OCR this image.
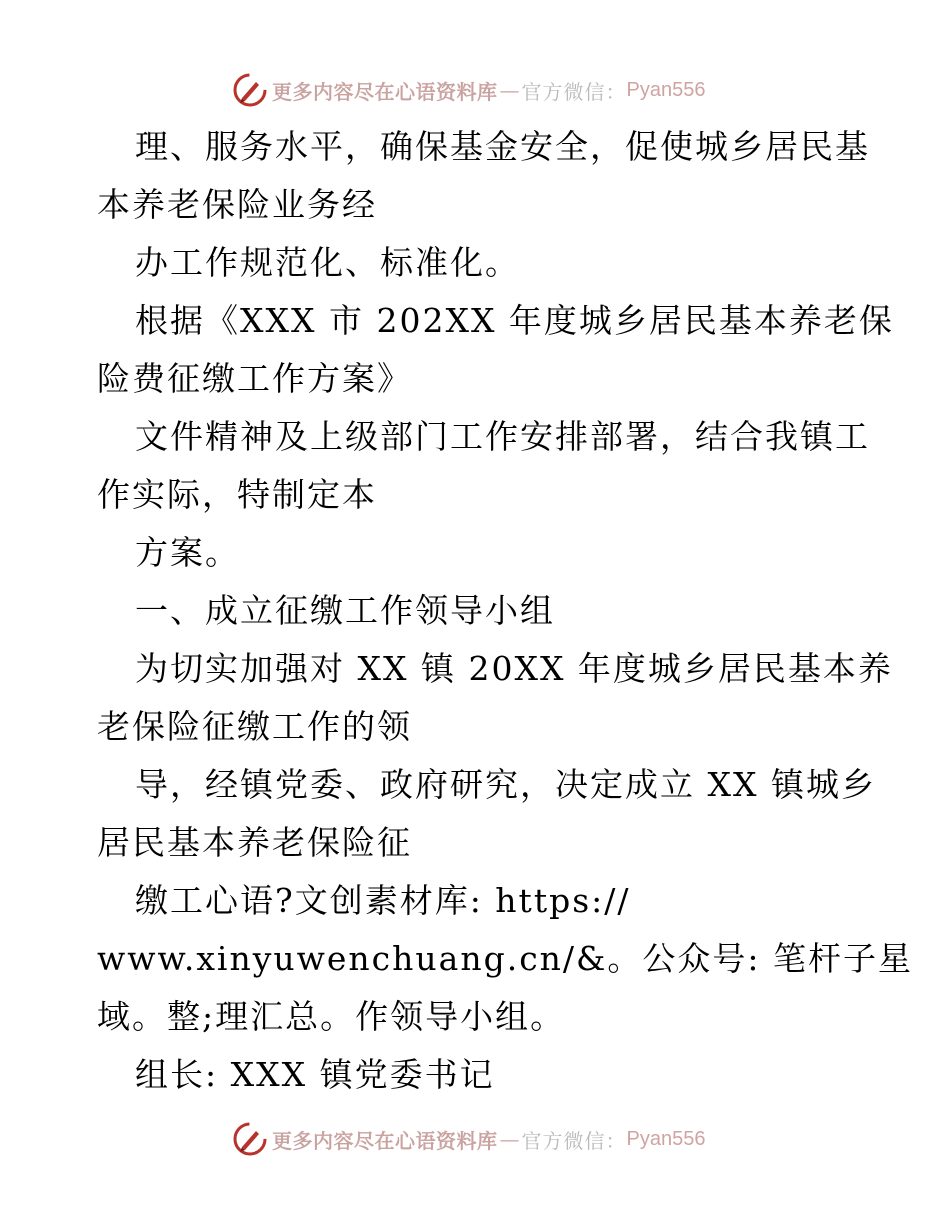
更多内容尽在心语资料库 — 官方微信： Pyan556
理、服务水平，确保基金安全，促使城乡居民基
本养老保险业务经
办工作规范化、标准化。
根据《XXX 市 202XX 年度城乡居民基本养老保
险费征缴工作方案》
文件精神及上级部门工作安排部署，结合我镇工
作实际，特制定本
方案。
一、成立征缴工作领导小组
为切实加强对 XX 镇 20XX 年度城乡居民基本养
老保险征缴工作的领
导，经镇党委、政府研究，决定成立 XX 镇城乡
居民基本养老保险征
缴工心语?文创素材库: https://
www.xinyuwenchuang.cn/&。公众号: 笔杆子星
域。整;理汇总。作领导小组。
组长: XXX 镇党委书记
更多内容尽在心语资料库 — 官方微信： Pyan556
